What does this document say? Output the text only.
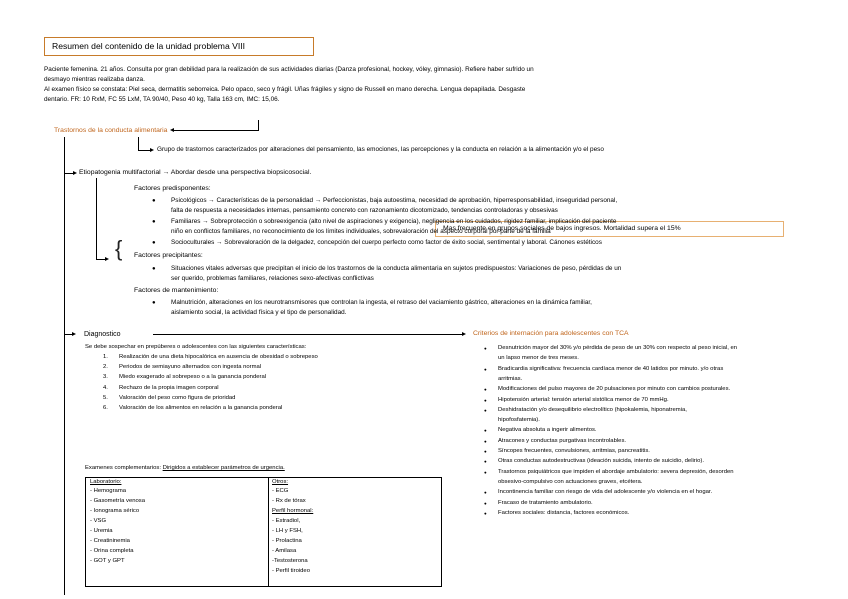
Resumen del contenido de la unidad problema VIII
Paciente femenina. 21 años. Consulta por gran debilidad para la realización de sus actividades diarias (Danza profesional, hockey, vóley, gimnasio). Refiere haber sufrido un
desmayo mientras realizaba danza.
Al examen físico se constata: Piel seca, dermatitis seborreica. Pelo opaco, seco y frágil. Uñas frágiles y signo de Russell en mano derecha. Lengua depapilada. Desgaste
dentario. FR: 10 RxM, FC 55 LxM, TA 90/40, Peso 40 kg, Talla 163 cm, IMC: 15,06.
Trastornos de la conducta alimentaria
Grupo de trastornos caracterizados por alteraciones del pensamiento, las emociones, las percepciones y la conducta en relación a la alimentación y/o el peso
Etiopatogenia multifactorial → Abordar desde una perspectiva biopsicosocial.
Mas frecuente en grupos sociales de bajos ingresos. Mortalidad supera el 15%
{
Factores predisponentes:
● Psicológicos → Características de la personalidad → Perfeccionistas, baja autoestima, necesidad de aprobación, hiperresponsabilidad, inseguridad personal,
falta de respuesta a necesidades internas, pensamiento concreto con razonamiento dicotomizado, tendencias controladoras y obsesivas
● Familiares → Sobreprotección o sobreexigencia (alto nivel de aspiraciones y exigencia), negligencia en los cuidados, rigidez familiar, implicación del paciente
niño en conflictos familiares, no reconocimiento de los límites individuales, sobrevaloración del aspecto corporal por parte de la familia
● Socioculturales → Sobrevaloración de la delgadez, concepción del cuerpo perfecto como factor de éxito social, sentimental y laboral. Cánones estéticos
Factores precipitantes:
● Situaciones vitales adversas que precipitan el inicio de los trastornos de la conducta alimentaria en sujetos predispuestos: Variaciones de peso, pérdidas de un
ser querido, problemas familiares, relaciones sexo-afectivas conflictivas
Factores de mantenimiento:
● Malnutrición, alteraciones en los neurotransmisores que controlan la ingesta, el retraso del vaciamiento gástrico, alteraciones en la dinámica familiar,
aislamiento social, la actividad física y el tipo de personalidad.
Diagnostico	Criterios de internación para adolescentes con TCA
Se debe sospechar en prepúberes o adolescentes con las siguientes características:
1. Realización de una dieta hipocalórica en ausencia de obesidad o sobrepeso
2. Periodos de semiayuno alternados con ingesta normal
3. Miedo exagerado al sobrepeso o a la ganancia ponderal
4. Rechazo de la propia imagen corporal
5. Valoración del peso como figura de prioridad
6. Valoración de los alimentos en relación a la ganancia ponderal
Examenes complementarios: Dirigidos a establecer parámetros de urgencia.
Laboratorio:
- Hemograma
- Gasometría venosa
- Ionograma sérico
- VSG
- Uremia
- Creatininemia
- Orina completa
- GOT y GPT
Otros:
- ECG
- Rx de tórax
Perfil hormonal:
- Estradiol,
- LH y FSH,
- Prolactina
- Amilasa
-Testosterona
- Perfil tiroideo
● Desnutrición mayor del 30% y/o pérdida de peso de un 30% con respecto al peso inicial, en
un lapso menor de tres meses.
● Bradicardia significativa: frecuencia cardíaca menor de 40 latidos por minuto. y/o otras
arritmias.
● Modificaciones del pulso mayores de 20 pulsaciones por minuto con cambios posturales.
● Hipotensión arterial: tensión arterial sistólica menor de 70 mmHg.
● Deshidratación y/o desequilibrio electrolítico (hipokalemia, hiponatremia,
hipofosfatemia).
● Negativa absoluta a ingerir alimentos.
● Atracones y conductas purgativas incontrolables.
● Síncopes frecuentes, convulsiones, arritmias, pancreatitis.
● Otras conductas autodestructivas (ideación suicida, intento de suicidio, delirio).
● Trastornos psiquiátricos que impiden el abordaje ambulatorio: severa depresión, desorden
obsesivo-compulsivo con actuaciones graves, etcétera.
● Incontinencia familiar con riesgo de vida del adolescente y/o violencia en el hogar.
● Fracaso de tratamiento ambulatorio.
● Factores sociales: distancia, factores económicos.
